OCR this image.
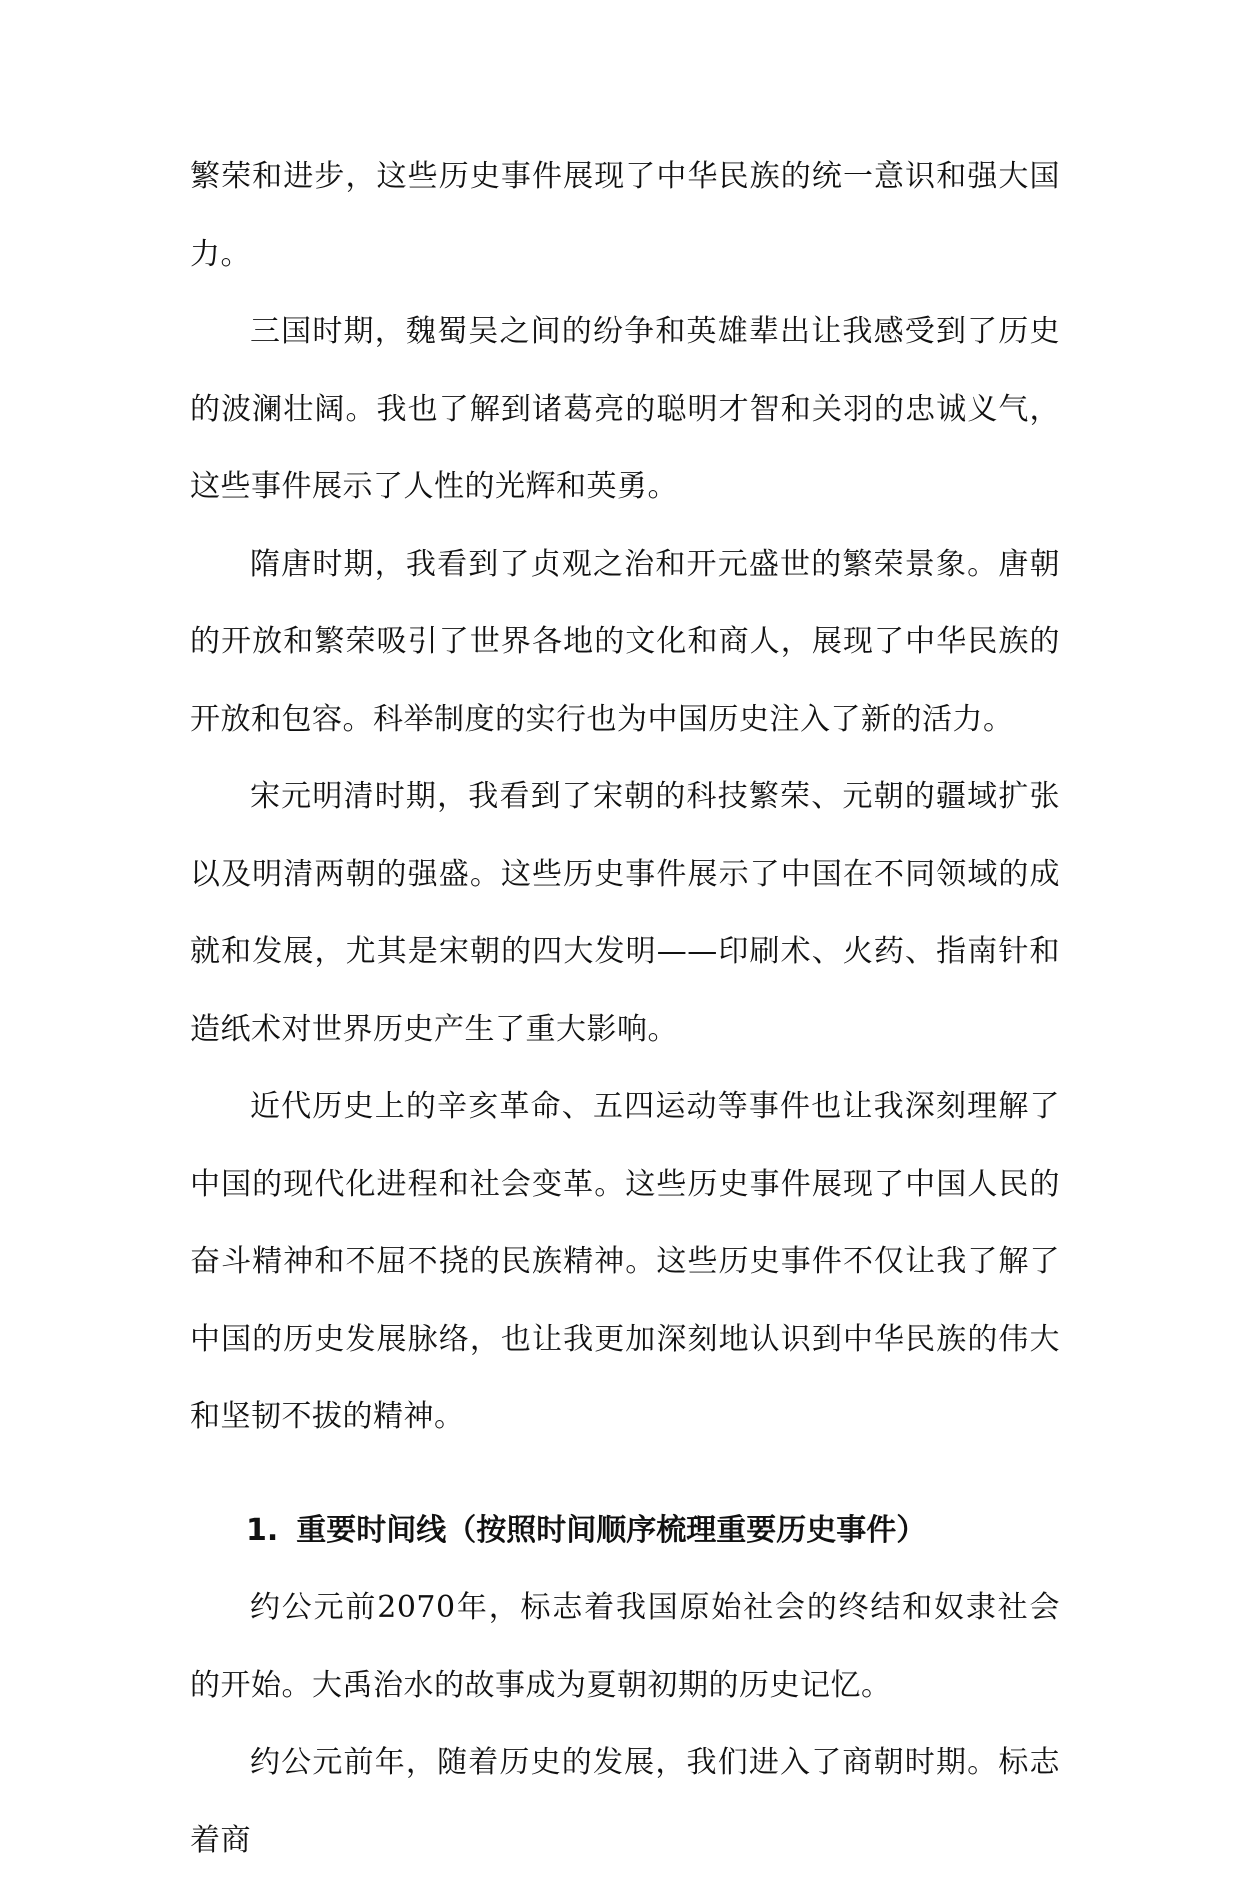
繁荣和进步，这些历史事件展现了中华民族的统一意识和强大国力。

三国时期，魏蜀吴之间的纷争和英雄辈出让我感受到了历史的波澜壮阔。我也了解到诸葛亮的聪明才智和关羽的忠诚义气，这些事件展示了人性的光辉和英勇。

隋唐时期，我看到了贞观之治和开元盛世的繁荣景象。唐朝的开放和繁荣吸引了世界各地的文化和商人，展现了中华民族的开放和包容。科举制度的实行也为中国历史注入了新的活力。

宋元明清时期，我看到了宋朝的科技繁荣、元朝的疆域扩张以及明清两朝的强盛。这些历史事件展示了中国在不同领域的成就和发展，尤其是宋朝的四大发明——印刷术、火药、指南针和造纸术对世界历史产生了重大影响。

近代历史上的辛亥革命、五四运动等事件也让我深刻理解了中国的现代化进程和社会变革。这些历史事件展现了中国人民的奋斗精神和不屈不挠的民族精神。这些历史事件不仅让我了解了中国的历史发展脉络，也让我更加深刻地认识到中华民族的伟大和坚韧不拔的精神。

1. 重要时间线（按照时间顺序梳理重要历史事件）

约公元前2070年，标志着我国原始社会的终结和奴隶社会的开始。大禹治水的故事成为夏朝初期的历史记忆。

约公元前年，随着历史的发展，我们进入了商朝时期。标志着商
